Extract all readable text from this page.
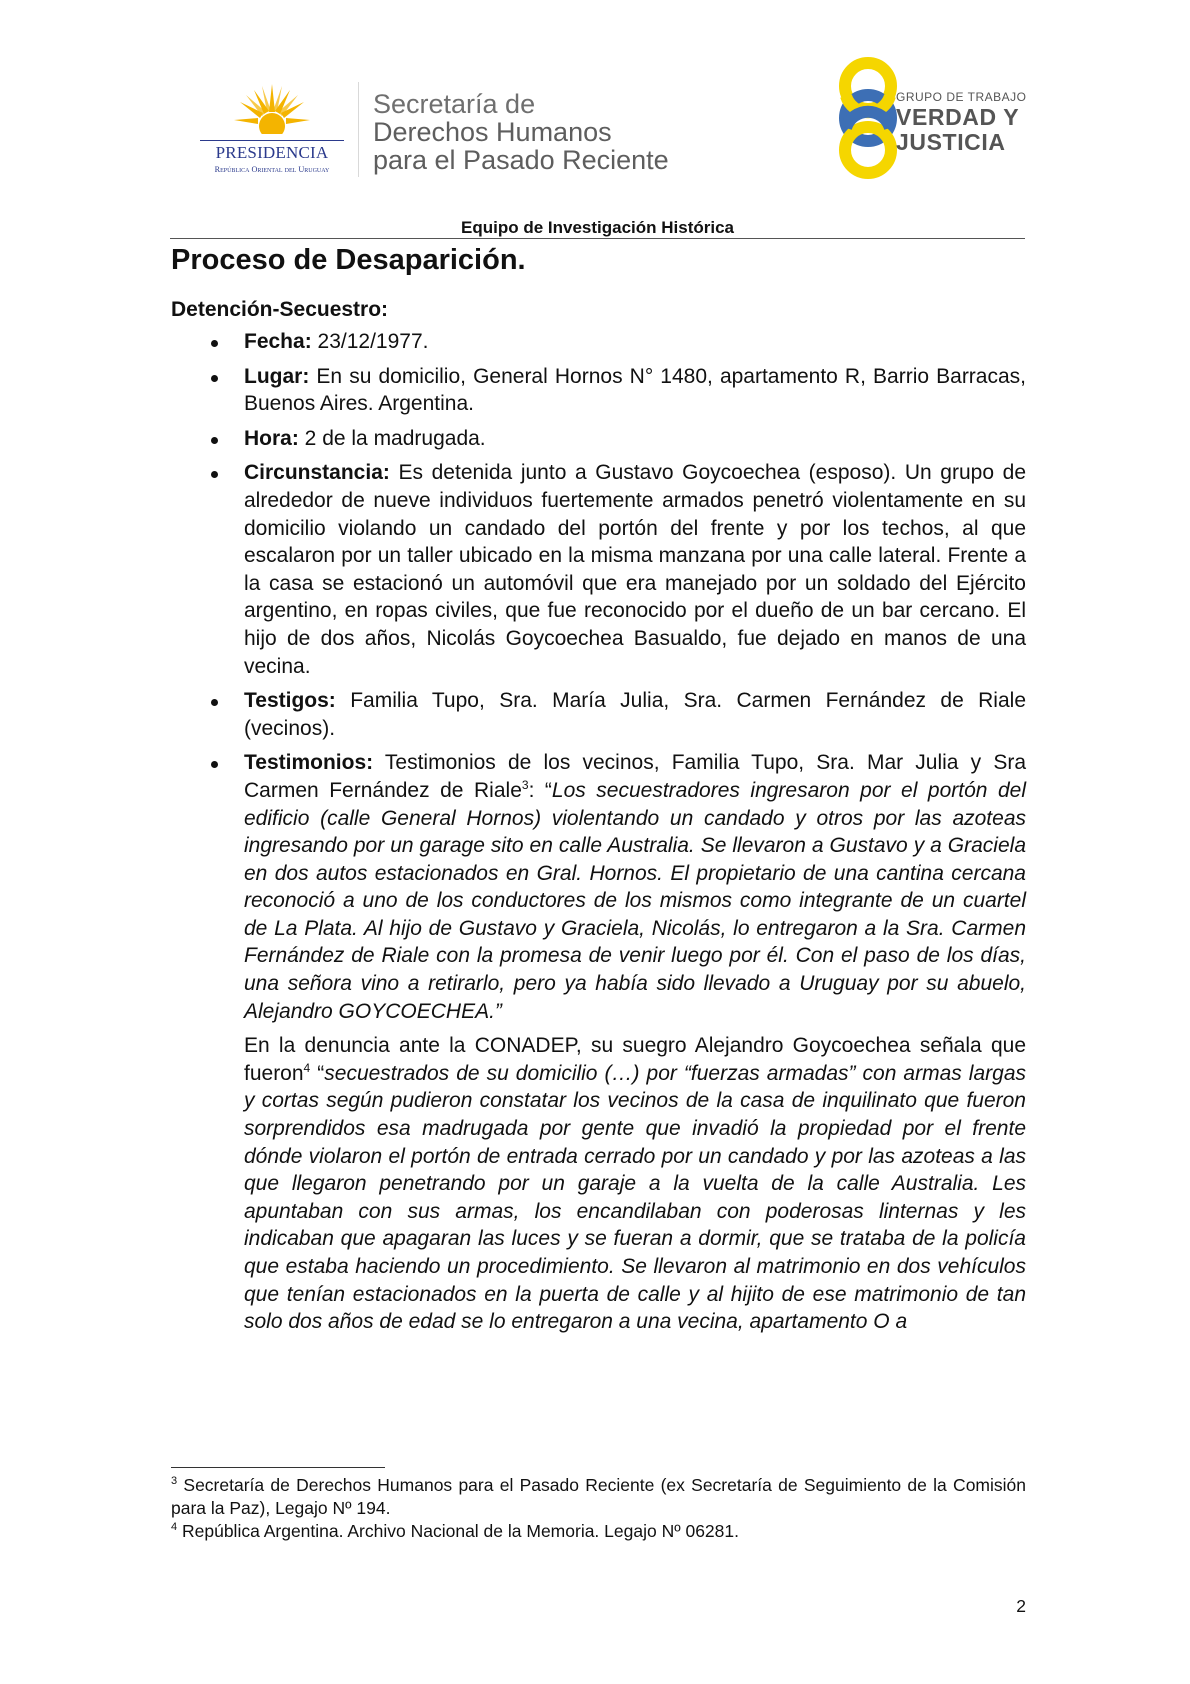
PRESIDENCIA
República Oriental del Uruguay
Secretaría de
Derechos Humanos
para el Pasado Reciente
GRUPO DE TRABAJO
VERDAD Y
JUSTICIA
Equipo de Investigación Histórica
Proceso de Desaparición.
Detención-Secuestro:
Fecha: 23/12/1977.
Lugar: En su domicilio, General Hornos N° 1480, apartamento R, Barrio Barracas, Buenos Aires. Argentina.
Hora: 2 de la madrugada.
Circunstancia: Es detenida junto a Gustavo Goycoechea (esposo). Un grupo de alrededor de nueve individuos fuertemente armados penetró violentamente en su domicilio violando un candado del portón del frente y por los techos, al que escalaron por un taller ubicado en la misma manzana por una calle lateral. Frente a la casa se estacionó un automóvil que era manejado por un soldado del Ejército argentino, en ropas civiles, que fue reconocido por el dueño de un bar cercano. El hijo de dos años, Nicolás Goycoechea Basualdo, fue dejado en manos de una vecina.
Testigos: Familia Tupo, Sra. María Julia, Sra. Carmen Fernández de Riale (vecinos).
Testimonios: Testimonios de los vecinos, Familia Tupo, Sra. Mar Julia y Sra Carmen Fernández de Riale$^3$: “Los secuestradores ingresaron por el portón del edificio (calle General Hornos) violentando un candado y otros por las azoteas ingresando por un garage sito en calle Australia. Se llevaron a Gustavo y a Graciela en dos autos estacionados en Gral. Hornos. El propietario de una cantina cercana reconoció a uno de los conductores de los mismos como integrante de un cuartel de La Plata. Al hijo de Gustavo y Graciela, Nicolás, lo entregaron a la Sra. Carmen Fernández de Riale con la promesa de venir luego por él. Con el paso de los días, una señora vino a retirarlo, pero ya había sido llevado a Uruguay por su abuelo, Alejandro GOYCOECHEA.”

En la denuncia ante la CONADEP, su suegro Alejandro Goycoechea señala que fueron$^4$ “secuestrados de su domicilio (…) por “fuerzas armadas” con armas largas y cortas según pudieron constatar los vecinos de la casa de inquilinato que fueron sorprendidos esa madrugada por gente que invadió la propiedad por el frente dónde violaron el portón de entrada cerrado por un candado y por las azoteas a las que llegaron penetrando por un garaje a la vuelta de la calle Australia. Les apuntaban con sus armas, los encandilaban con poderosas linternas y les indicaban que apagaran las luces y se fueran a dormir, que se trataba de la policía que estaba haciendo un procedimiento. Se llevaron al matrimonio en dos vehículos que tenían estacionados en la puerta de calle y al hijito de ese matrimonio de tan solo dos años de edad se lo entregaron a una vecina, apartamento O a

$^3$ Secretaría de Derechos Humanos para el Pasado Reciente (ex Secretaría de Seguimiento de la Comisión para la Paz), Legajo Nº 194.

$^4$ República Argentina. Archivo Nacional de la Memoria. Legajo Nº 06281.

2
